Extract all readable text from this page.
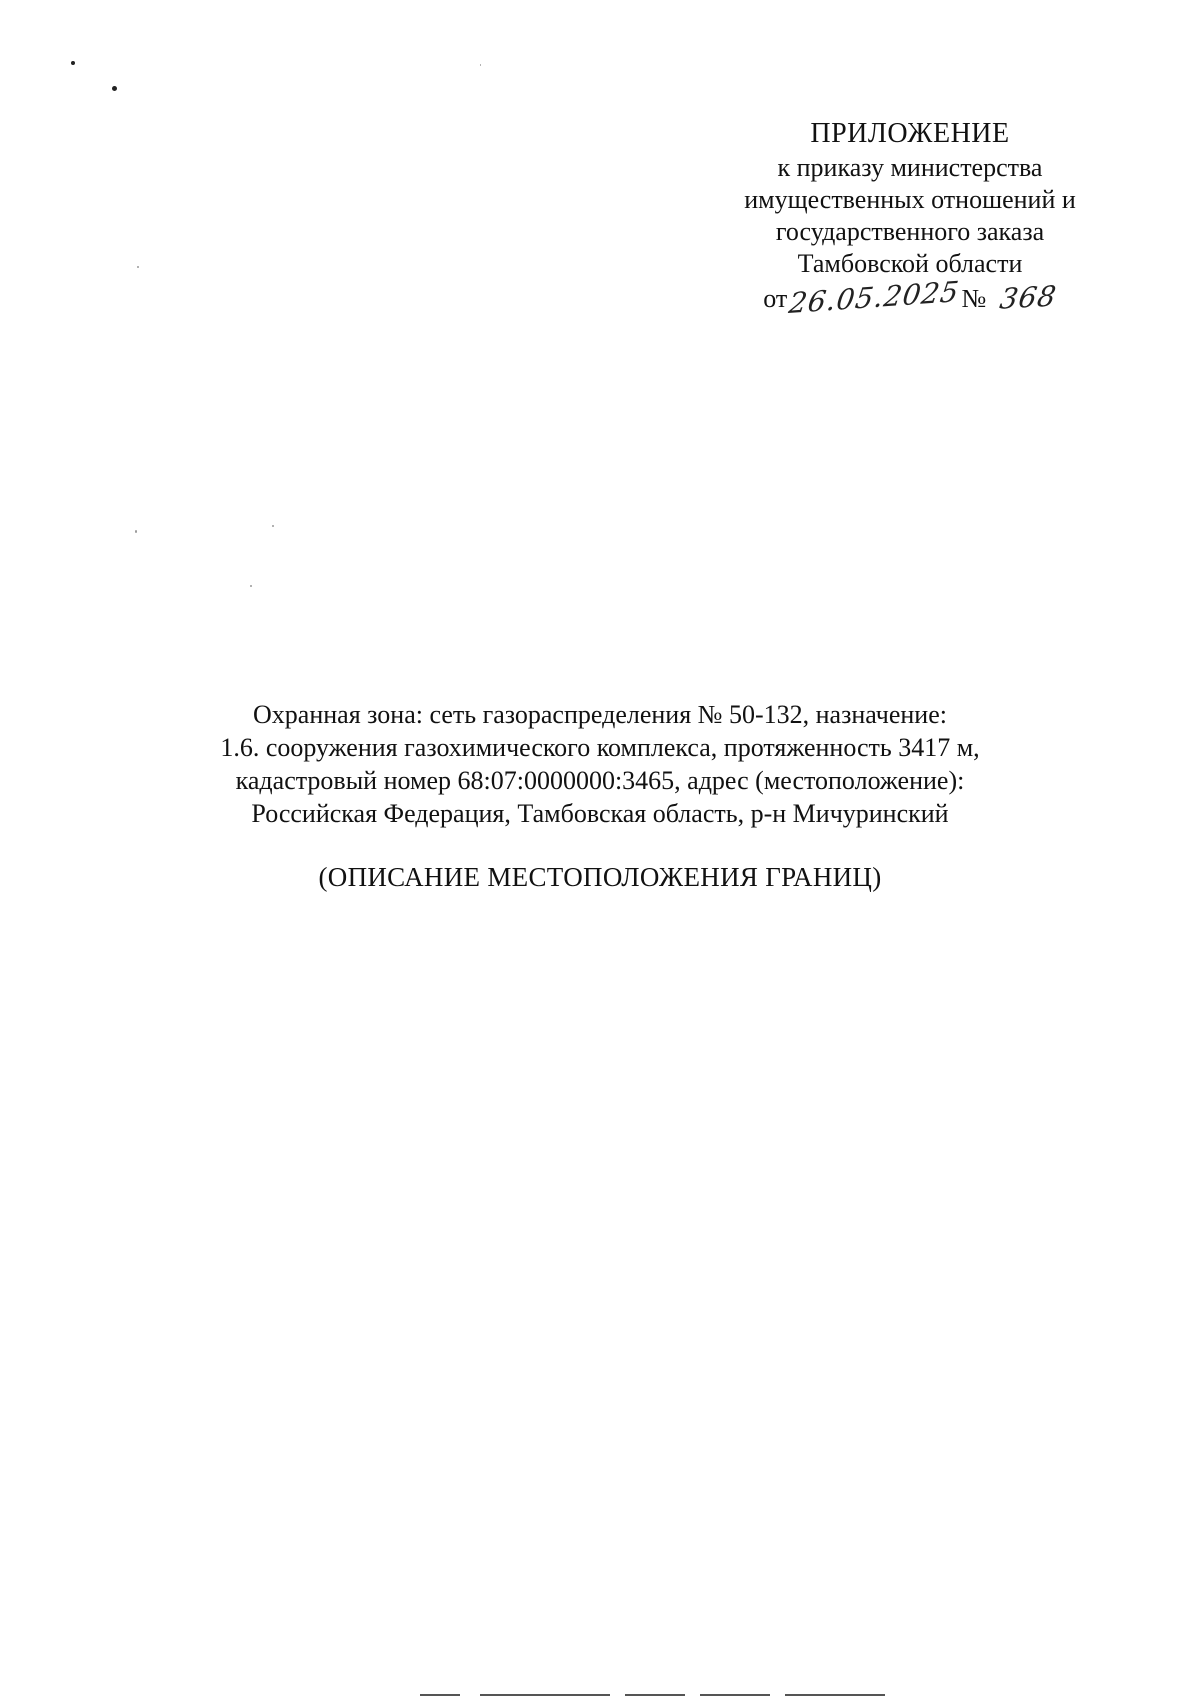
ПРИЛОЖЕНИЕ
к приказу министерства
имущественных отношений и
государственного заказа
Тамбовской области
от26.05.2025№ 368
Охранная зона: сеть газораспределения № 50-132, назначение:
1.6. сооружения газохимического комплекса, протяженность 3417 м,
кадастровый номер 68:07:0000000:3465, адрес (местоположение):
Российская Федерация, Тамбовская область, р-н Мичуринский
(ОПИСАНИЕ МЕСТОПОЛОЖЕНИЯ ГРАНИЦ)
